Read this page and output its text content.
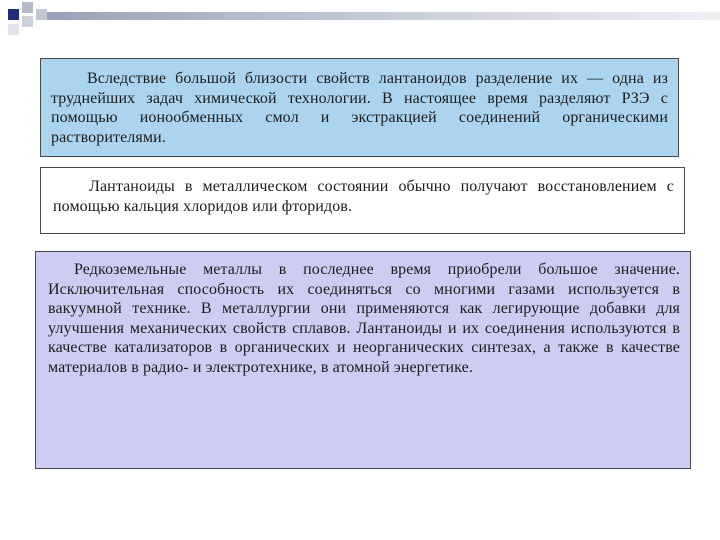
Вследствие большой близости свойств лантаноидов разделение их — одна из труднейших задач химической технологии. В настоящее время разделяют РЗЭ с помощью ионообменных смол и экстракцией соединений органическими растворителями.

Лантаноиды в металлическом состоянии обычно получают восстановлением с помощью кальция хлоридов или фторидов.

Редкоземельные металлы в последнее время приобрели большое значение. Исключительная способность их соединяться со многими газами используется в вакуумной технике. В металлургии они применяются как легирующие добавки для улучшения механических свойств сплавов. Лантаноиды и их соединения используются в качестве катализаторов в органических и неорганических синтезах, а также в качестве материалов в радио- и электротехнике, в атомной энергетике.
